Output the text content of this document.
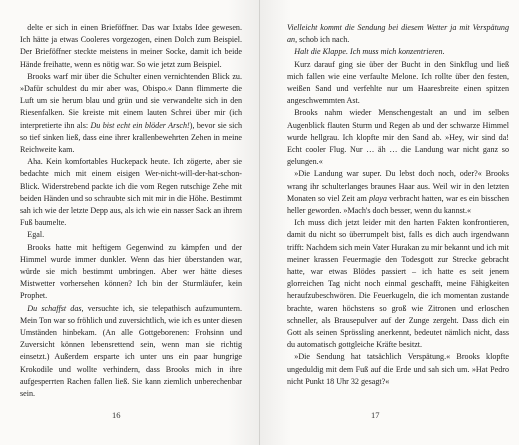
delte er sich in einen Brieföffner. Das war Ixtabs Idee gewesen. Ich hätte ja etwas Cooleres vorgezogen, einen Dolch zum Beispiel. Der Brieföffner steckte meistens in meiner Socke, damit ich beide Hände freihatte, wenn es nötig war. So wie jetzt zum Beispiel.

Brooks warf mir über die Schulter einen vernichtenden Blick zu. »Dafür schuldest du mir aber was, Obispo.« Dann flimmerte die Luft um sie herum blau und grün und sie verwandelte sich in den Riesenfalken. Sie kreiste mit einem lauten Schrei über mir (ich interpretierte ihn als: Du bist echt ein blöder Arsch!), bevor sie sich so tief sinken ließ, dass eine ihrer krallenbewehrten Zehen in meine Reichweite kam.

Aha. Kein komfortables Huckepack heute. Ich zögerte, aber sie bedachte mich mit einem eisigen Wer-nicht-will-der-hat-schon-Blick. Widerstrebend packte ich die vom Regen rutschige Zehe mit beiden Händen und so schraubte sich mit mir in die Höhe. Bestimmt sah ich wie der letzte Depp aus, als ich wie ein nasser Sack an ihrem Fuß baumelte.

Egal.

Brooks hatte mit heftigem Gegenwind zu kämpfen und der Himmel wurde immer dunkler. Wenn das hier überstanden war, würde sie mich bestimmt umbringen. Aber wer hätte dieses Mistwetter vorhersehen können? Ich bin der Sturmläufer, kein Prophet.

Du schaffst das, versuchte ich, sie telepathisch aufzumuntern. Mein Ton war so fröhlich und zuversichtlich, wie ich es unter diesen Umständen hinbekam. (An alle Gottgeborenen: Frohsinn und Zuversicht können lebensrettend sein, wenn man sie richtig einsetzt.) Außerdem ersparte ich unter uns ein paar hungrige Krokodile und wollte verhindern, dass Brooks mich in ihre aufgesperrten Rachen fallen ließ. Sie kann ziemlich unberechenbar sein.

16

Vielleicht kommt die Sendung bei diesem Wetter ja mit Verspätung an, schob ich nach.

Halt die Klappe. Ich muss mich konzentrieren.

Kurz darauf ging sie über der Bucht in den Sinkflug und ließ mich fallen wie eine verfaulte Melone. Ich rollte über den festen, weißen Sand und verfehlte nur um Haaresbreite einen spitzen angeschwemmten Ast.

Brooks nahm wieder Menschengestalt an und im selben Augenblick flauten Sturm und Regen ab und der schwarze Himmel wurde hellgrau. Ich klopfte mir den Sand ab. »Hey, wir sind da! Echt cooler Flug. Nur … äh … die Landung war nicht ganz so gelungen.«

»Die Landung war super. Du lebst doch noch, oder?« Brooks wrang ihr schulterlanges braunes Haar aus. Weil wir in den letzten Monaten so viel Zeit am playa verbracht hatten, war es ein bisschen heller geworden. »Mach's doch besser, wenn du kannst.«

Ich muss dich jetzt leider mit den harten Fakten konfrontieren, damit du nicht so überrumpelt bist, falls es dich auch irgendwann trifft: Nachdem sich mein Vater Hurakan zu mir bekannt und ich mit meiner krassen Feuermagie den Todesgott zur Strecke gebracht hatte, war etwas Blödes passiert – ich hatte es seit jenem glorreichen Tag nicht noch einmal geschafft, meine Fähigkeiten heraufzubeschwören. Die Feuerkugeln, die ich momentan zustande brachte, waren höchstens so groß wie Zitronen und erloschen schneller, als Brausepulver auf der Zunge zergeht. Dass dich ein Gott als seinen Sprössling anerkennt, bedeutet nämlich nicht, dass du automatisch gottgleiche Kräfte besitzt.

»Die Sendung hat tatsächlich Verspätung.« Brooks klopfte ungeduldig mit dem Fuß auf die Erde und sah sich um. »Hat Pedro nicht Punkt 18 Uhr 32 gesagt?«

17
